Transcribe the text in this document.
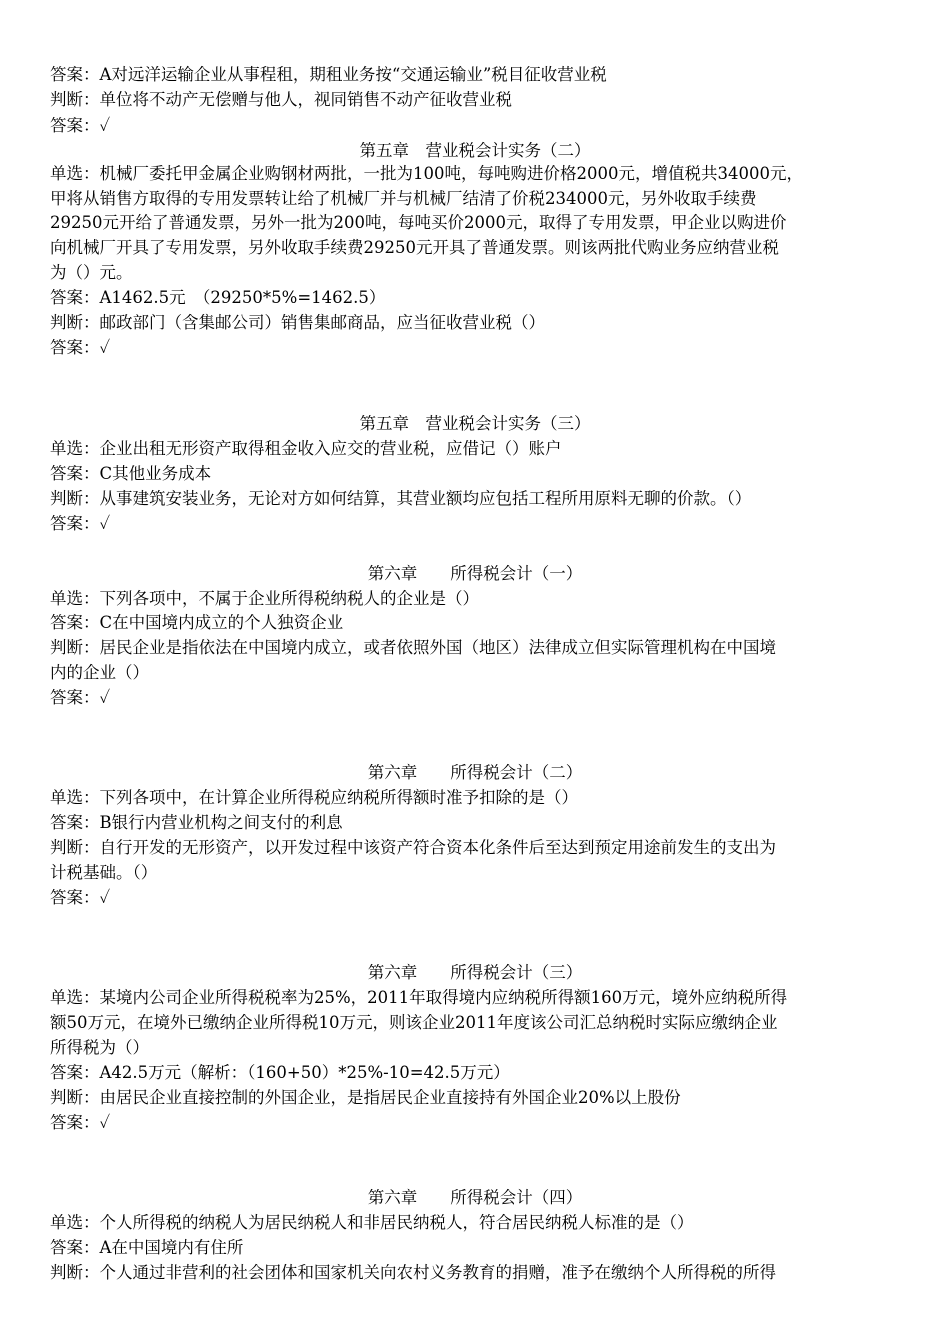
答案：A对远洋运输企业从事程租，期租业务按“交通运输业”税目征收营业税
判断：单位将不动产无偿赠与他人，视同销售不动产征收营业税
答案：✓
第五章　营业税会计实务（二）
单选：机械厂委托甲金属企业购钢材两批，一批为100吨，每吨购进价格2000元，增值税共34000元，
甲将从销售方取得的专用发票转让给了机械厂并与机械厂结清了价税234000元，另外收取手续费
29250元开给了普通发票，另外一批为200吨，每吨买价2000元，取得了专用发票，甲企业以购进价
向机械厂开具了专用发票，另外收取手续费29250元开具了普通发票。则该两批代购业务应纳营业税
为（）元。
答案：A1462.5元　（29250*5%=1462.5）
判断：邮政部门（含集邮公司）销售集邮商品，应当征收营业税（）
答案：✓
第五章　营业税会计实务（三）
单选：企业出租无形资产取得租金收入应交的营业税，应借记（）账户
答案：C其他业务成本
判断：从事建筑安装业务，无论对方如何结算，其营业额均应包括工程所用原料无聊的价款。（）
答案：✓
第六章　　所得税会计（一）
单选：下列各项中，不属于企业所得税纳税人的企业是（）
答案：C在中国境内成立的个人独资企业
判断：居民企业是指依法在中国境内成立，或者依照外国（地区）法律成立但实际管理机构在中国境
内的企业（）
答案：✓
第六章　　所得税会计（二）
单选：下列各项中，在计算企业所得税应纳税所得额时准予扣除的是（）
答案：B银行内营业机构之间支付的利息
判断：自行开发的无形资产，以开发过程中该资产符合资本化条件后至达到预定用途前发生的支出为
计税基础。（）
答案：✓
第六章　　所得税会计（三）
单选：某境内公司企业所得税税率为25%，2011年取得境内应纳税所得额160万元，境外应纳税所得
额50万元，在境外已缴纳企业所得税10万元，则该企业2011年度该公司汇总纳税时实际应缴纳企业
所得税为（）
答案：A42.5万元（解析：（160+50）*25%-10=42.5万元）
判断：由居民企业直接控制的外国企业，是指居民企业直接持有外国企业20%以上股份
答案：✓
第六章　　所得税会计（四）
单选：个人所得税的纳税人为居民纳税人和非居民纳税人，符合居民纳税人标准的是（）
答案：A在中国境内有住所
判断：个人通过非营利的社会团体和国家机关向农村义务教育的捐赠，准予在缴纳个人所得税的所得
